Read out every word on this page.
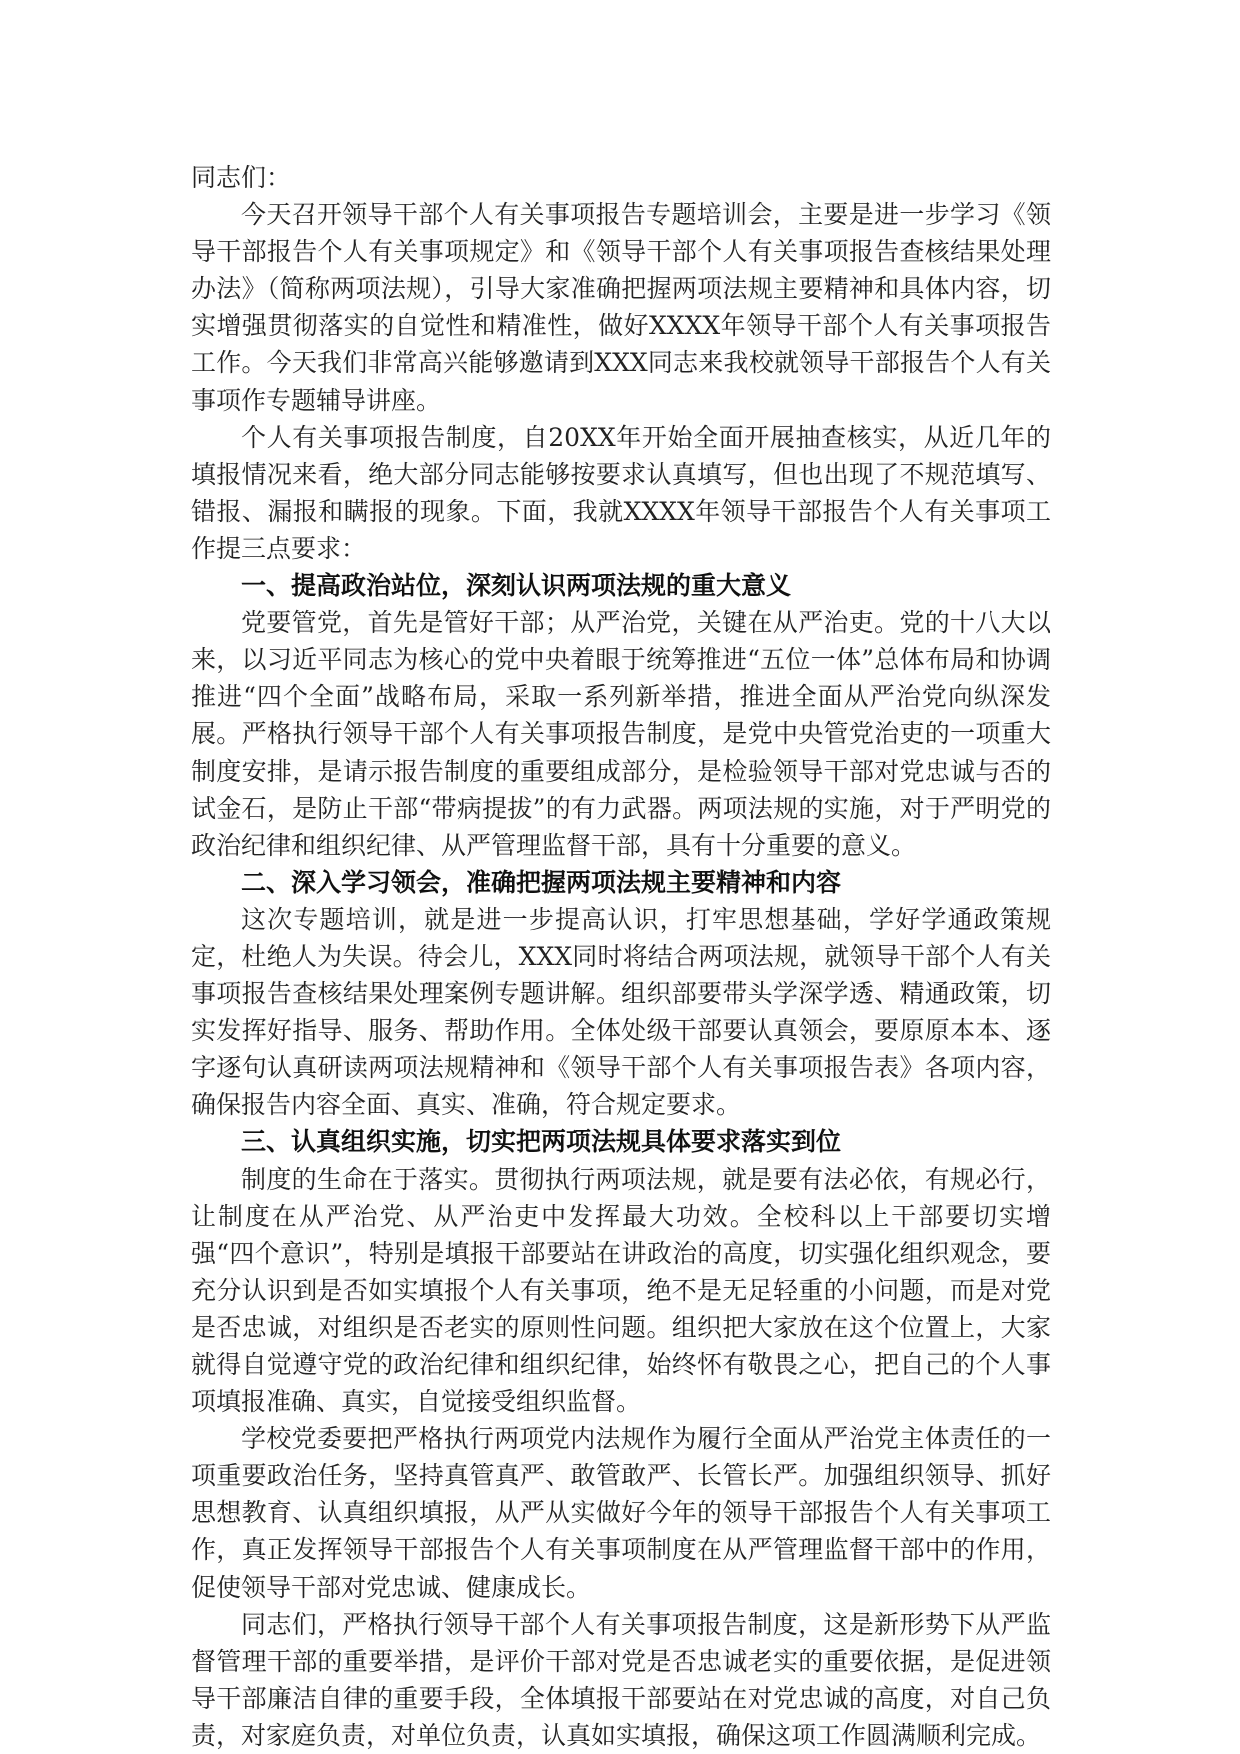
同志们：

今天召开领导干部个人有关事项报告专题培训会，主要是进一步学习《领导干部报告个人有关事项规定》和《领导干部个人有关事项报告查核结果处理办法》（简称两项法规），引导大家准确把握两项法规主要精神和具体内容，切实增强贯彻落实的自觉性和精准性，做好XXXX年领导干部个人有关事项报告工作。今天我们非常高兴能够邀请到XXX同志来我校就领导干部报告个人有关事项作专题辅导讲座。

个人有关事项报告制度，自20XX年开始全面开展抽查核实，从近几年的填报情况来看，绝大部分同志能够按要求认真填写，但也出现了不规范填写、错报、漏报和瞒报的现象。下面，我就XXXX年领导干部报告个人有关事项工作提三点要求：

一、提高政治站位，深刻认识两项法规的重大意义

党要管党，首先是管好干部；从严治党，关键在从严治吏。党的十八大以来，以习近平同志为核心的党中央着眼于统筹推进“五位一体”总体布局和协调推进“四个全面”战略布局，采取一系列新举措，推进全面从严治党向纵深发展。严格执行领导干部个人有关事项报告制度，是党中央管党治吏的一项重大制度安排，是请示报告制度的重要组成部分，是检验领导干部对党忠诚与否的试金石，是防止干部“带病提拔”的有力武器。两项法规的实施，对于严明党的政治纪律和组织纪律、从严管理监督干部，具有十分重要的意义。

二、深入学习领会，准确把握两项法规主要精神和内容

这次专题培训，就是进一步提高认识，打牢思想基础，学好学通政策规定，杜绝人为失误。待会儿，XXX同时将结合两项法规，就领导干部个人有关事项报告查核结果处理案例专题讲解。组织部要带头学深学透、精通政策，切实发挥好指导、服务、帮助作用。全体处级干部要认真领会，要原原本本、逐字逐句认真研读两项法规精神和《领导干部个人有关事项报告表》各项内容，确保报告内容全面、真实、准确，符合规定要求。

三、认真组织实施，切实把两项法规具体要求落实到位

制度的生命在于落实。贯彻执行两项法规，就是要有法必依，有规必行，让制度在从严治党、从严治吏中发挥最大功效。全校科以上干部要切实增强“四个意识”，特别是填报干部要站在讲政治的高度，切实强化组织观念，要充分认识到是否如实填报个人有关事项，绝不是无足轻重的小问题，而是对党是否忠诚，对组织是否老实的原则性问题。组织把大家放在这个位置上，大家就得自觉遵守党的政治纪律和组织纪律，始终怀有敬畏之心，把自己的个人事项填报准确、真实，自觉接受组织监督。

学校党委要把严格执行两项党内法规作为履行全面从严治党主体责任的一项重要政治任务，坚持真管真严、敢管敢严、长管长严。加强组织领导、抓好思想教育、认真组织填报，从严从实做好今年的领导干部报告个人有关事项工作，真正发挥领导干部报告个人有关事项制度在从严管理监督干部中的作用，促使领导干部对党忠诚、健康成长。

同志们，严格执行领导干部个人有关事项报告制度，这是新形势下从严监督管理干部的重要举措，是评价干部对党是否忠诚老实的重要依据，是促进领导干部廉洁自律的重要手段，全体填报干部要站在对党忠诚的高度，对自己负责，对家庭负责，对单位负责，认真如实填报，确保这项工作圆满顺利完成。
